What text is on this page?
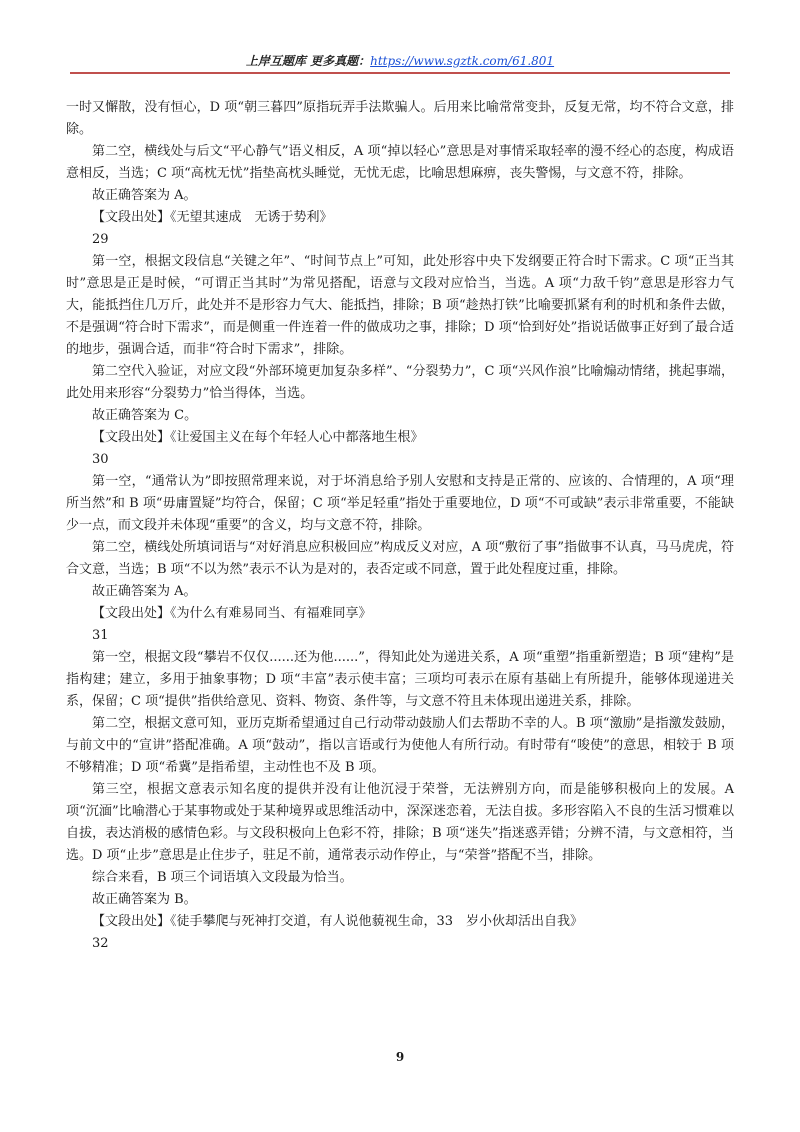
上岸互题库 更多真题：https://www.sgztk.com/61.801

一时又懈散，没有恒心，D 项“朝三暮四”原指玩弄手法欺骗人。后用来比喻常常变卦，反复无常，均不符合文意，排除。

第二空，横线处与后文“平心静气”语义相反，A 项“掉以轻心”意思是对事情采取轻率的漫不经心的态度，构成语意相反，当选；C 项“高枕无忧”指垫高枕头睡觉，无忧无虑，比喻思想麻痹，丧失警惕，与文意不符，排除。

故正确答案为 A。

【文段出处】《无望其速成　无诱于势利》

29

第一空，根据文段信息“关键之年”、“时间节点上”可知，此处形容中央下发纲要正符合时下需求。C 项“正当其时”意思是正是时候，“可谓正当其时”为常见搭配，语意与文段对应恰当，当选。A 项“力敌千钧”意思是形容力气大，能抵挡住几万斤，此处并不是形容力气大、能抵挡，排除；B 项“趁热打铁”比喻要抓紧有利的时机和条件去做，不是强调“符合时下需求”，而是侧重一件连着一件的做成功之事，排除；D 项“恰到好处”指说话做事正好到了最合适的地步，强调合适，而非“符合时下需求”，排除。

第二空代入验证，对应文段“外部环境更加复杂多样”、“分裂势力”，C 项“兴风作浪”比喻煽动情绪，挑起事端，此处用来形容“分裂势力”恰当得体，当选。

故正确答案为 C。

【文段出处】《让爱国主义在每个年轻人心中都落地生根》

30

第一空，“通常认为”即按照常理来说，对于坏消息给予别人安慰和支持是正常的、应该的、合情理的，A 项“理所当然”和 B 项“毋庸置疑”均符合，保留；C 项“举足轻重”指处于重要地位，D 项“不可或缺”表示非常重要，不能缺少一点，而文段并未体现“重要”的含义，均与文意不符，排除。

第二空，横线处所填词语与“对好消息应积极回应”构成反义对应，A 项“敷衍了事”指做事不认真，马马虎虎，符合文意，当选；B 项“不以为然”表示不认为是对的，表否定或不同意，置于此处程度过重，排除。

故正确答案为 A。

【文段出处】《为什么有难易同当、有福难同享》

31

第一空，根据文段“攀岩不仅仅......还为他......”，得知此处为递进关系，A 项“重塑”指重新塑造；B 项“建构”是指构建；建立，多用于抽象事物；D 项“丰富”表示使丰富；三项均可表示在原有基础上有所提升，能够体现递进关系，保留；C 项“提供”指供给意见、资料、物资、条件等，与文意不符且未体现出递进关系，排除。

第二空，根据文意可知，亚历克斯希望通过自己行动带动鼓励人们去帮助不幸的人。B 项“激励”是指激发鼓励，与前文中的“宣讲”搭配准确。A 项“鼓动”，指以言语或行为使他人有所行动。有时带有“唆使”的意思，相较于 B 项不够精准；D 项“希冀”是指希望，主动性也不及 B 项。

第三空，根据文意表示知名度的提供并没有让他沉浸于荣誉，无法辨别方向，而是能够积极向上的发展。A 项“沉湎”比喻潜心于某事物或处于某种境界或思维活动中，深深迷恋着，无法自拔。多形容陷入不良的生活习惯难以自拔，表达消极的感情色彩。与文段积极向上色彩不符，排除；B 项“迷失”指迷惑弄错；分辨不清，与文意相符，当选。D 项“止步”意思是止住步子，驻足不前，通常表示动作停止，与“荣誉”搭配不当，排除。

综合来看，B 项三个词语填入文段最为恰当。

故正确答案为 B。

【文段出处】《徒手攀爬与死神打交道，有人说他藐视生命，33　岁小伙却活出自我》

32

9
